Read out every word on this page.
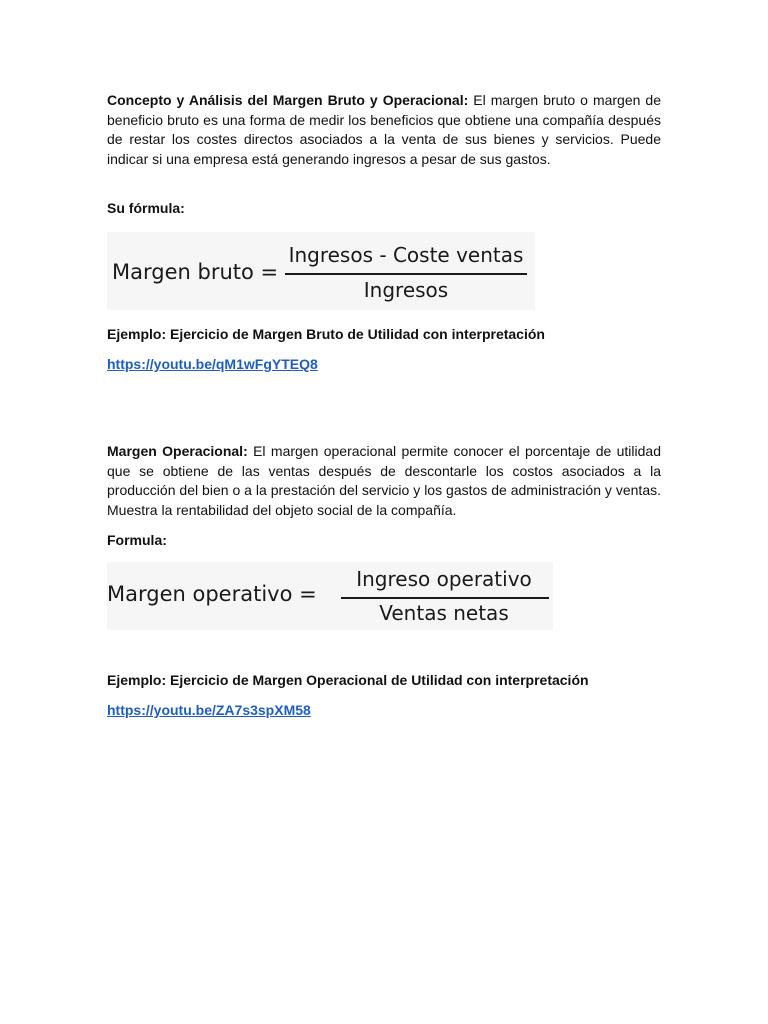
Concepto y Análisis del Margen Bruto y Operacional: El margen bruto o margen de beneficio bruto es una forma de medir los beneficios que obtiene una compañía después de restar los costes directos asociados a la venta de sus bienes y servicios. Puede indicar si una empresa está generando ingresos a pesar de sus gastos.

Su fórmula:
Margen bruto =
Ingresos - Coste ventas
Ingresos
Ejemplo: Ejercicio de Margen Bruto de Utilidad con interpretación
https://youtu.be/qM1wFgYTEQ8

Margen Operacional: El margen operacional permite conocer el porcentaje de utilidad que se obtiene de las ventas después de descontarle los costos asociados a la producción del bien o a la prestación del servicio y los gastos de administración y ventas. Muestra la rentabilidad del objeto social de la compañía.

Formula:
Margen operativo =
Ingreso operativo
Ventas netas
Ejemplo: Ejercicio de Margen Operacional de Utilidad con interpretación
https://youtu.be/ZA7s3spXM58
